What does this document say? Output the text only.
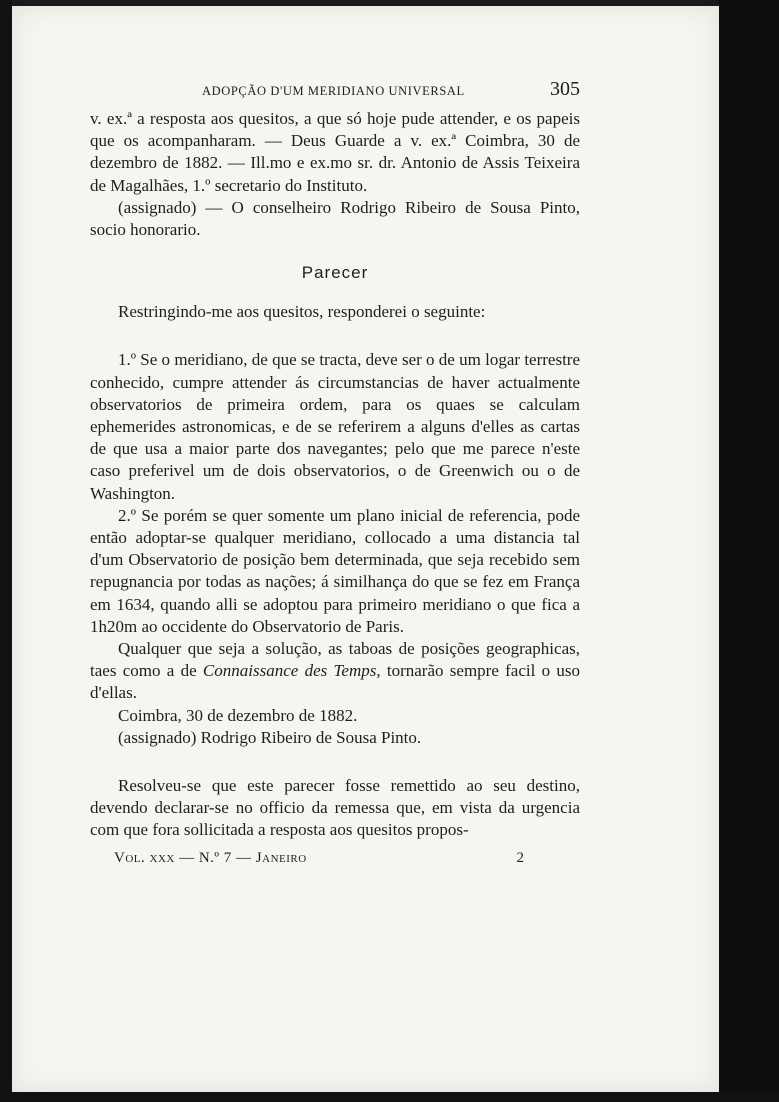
ADOPÇÃO D'UM MERIDIANO UNIVERSAL	305

v. ex.ª a resposta aos quesitos, a que só hoje pude attender, e os papeis que os acompanharam. — Deus Guarde a v. ex.ª Coimbra, 30 de dezembro de 1882. — Ill.mo e ex.mo sr. dr. Antonio de Assis Teixeira de Magalhães, 1.º secretario do Instituto.

(assignado) — O conselheiro Rodrigo Ribeiro de Sousa Pinto, socio honorario.

Parecer

Restringindo-me aos quesitos, responderei o seguinte:

1.º Se o meridiano, de que se tracta, deve ser o de um logar terrestre conhecido, cumpre attender ás circumstancias de haver actualmente observatorios de primeira ordem, para os quaes se calculam ephemerides astronomicas, e de se referirem a alguns d'elles as cartas de que usa a maior parte dos navegantes; pelo que me parece n'este caso preferivel um de dois observatorios, o de Greenwich ou o de Washington.

2.º Se porém se quer somente um plano inicial de referencia, pode então adoptar-se qualquer meridiano, collocado a uma distancia tal d'um Observatorio de posição bem determinada, que seja recebido sem repugnancia por todas as nações; á similhança do que se fez em França em 1634, quando alli se adoptou para primeiro meridiano o que fica a 1h20m ao occidente do Observatorio de Paris.

Qualquer que seja a solução, as taboas de posições geographicas, taes como a de Connaissance des Temps, tornarão sempre facil o uso d'ellas.

Coimbra, 30 de dezembro de 1882.

(assignado) Rodrigo Ribeiro de Sousa Pinto.

Resolveu-se que este parecer fosse remettido ao seu destino, devendo declarar-se no officio da remessa que, em vista da urgencia com que fora sollicitada a resposta aos quesitos propos-

Vol. xxx — N.º 7 — Janeiro	2
